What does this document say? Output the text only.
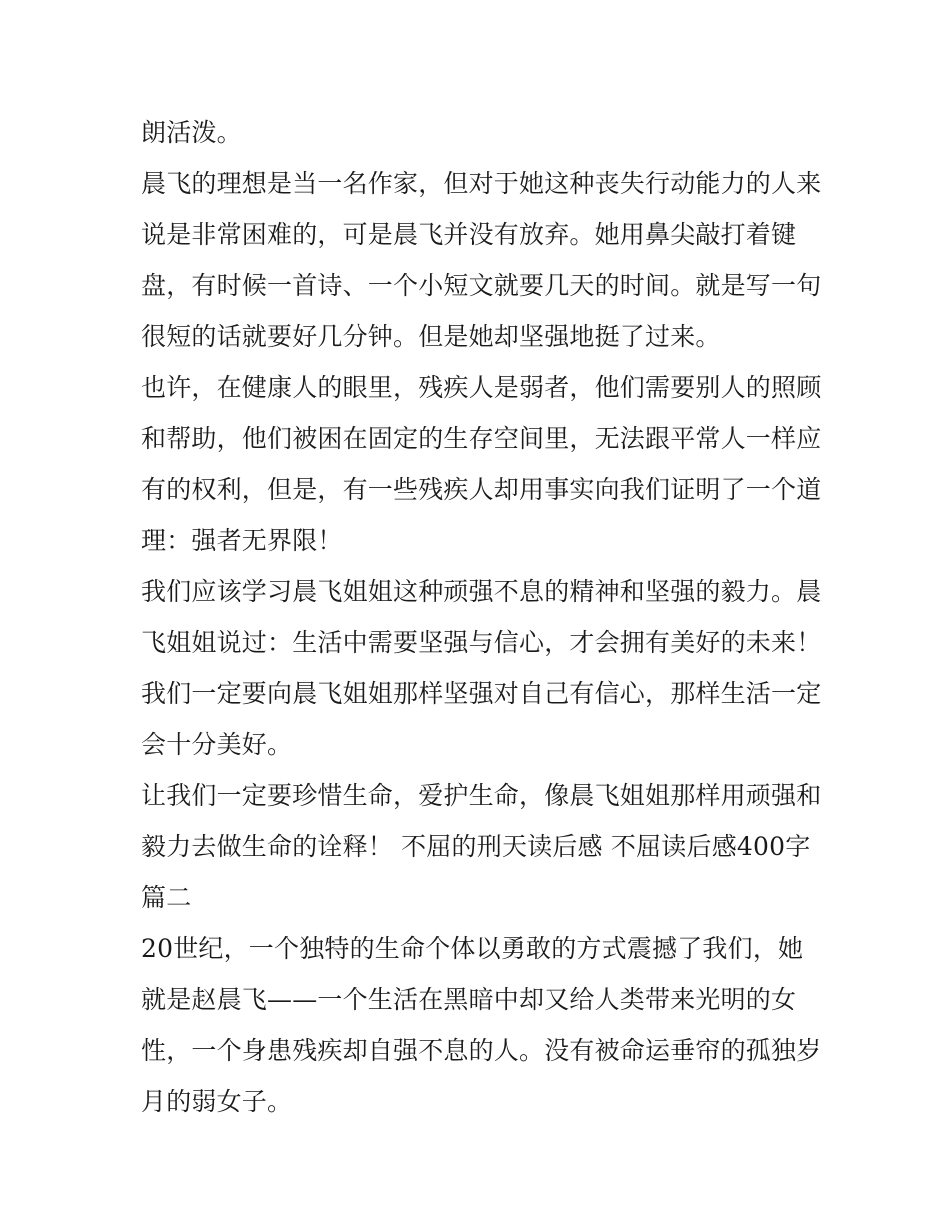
朗活泼。
晨飞的理想是当一名作家，但对于她这种丧失行动能力的人来
说是非常困难的，可是晨飞并没有放弃。她用鼻尖敲打着键
盘，有时候一首诗、一个小短文就要几天的时间。就是写一句
很短的话就要好几分钟。但是她却坚强地挺了过来。
也许，在健康人的眼里，残疾人是弱者，他们需要别人的照顾
和帮助，他们被困在固定的生存空间里，无法跟平常人一样应
有的权利，但是，有一些残疾人却用事实向我们证明了一个道
理：强者无界限！
我们应该学习晨飞姐姐这种顽强不息的精神和坚强的毅力。晨
飞姐姐说过：生活中需要坚强与信心，才会拥有美好的未来！
我们一定要向晨飞姐姐那样坚强对自己有信心，那样生活一定
会十分美好。
让我们一定要珍惜生命，爱护生命，像晨飞姐姐那样用顽强和
毅力去做生命的诠释！ 不屈的刑天读后感 不屈读后感400字
篇二
20世纪，一个独特的生命个体以勇敢的方式震撼了我们，她
就是赵晨飞——一个生活在黑暗中却又给人类带来光明的女
性，一个身患残疾却自强不息的人。没有被命运垂帘的孤独岁
月的弱女子。
